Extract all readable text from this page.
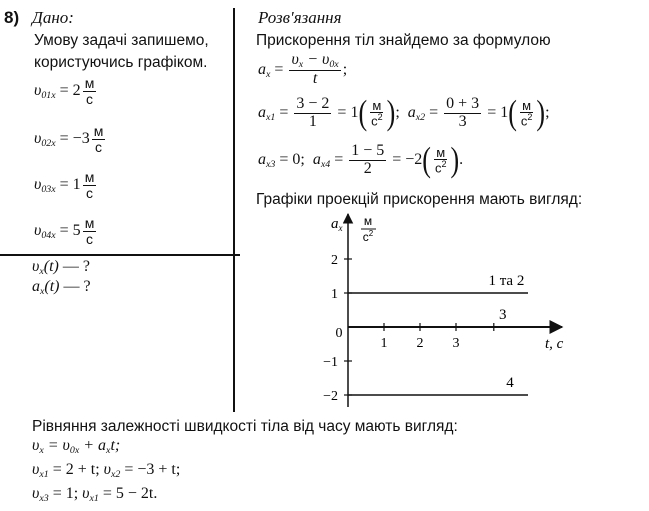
8) Дано:
Умову задачі запишемо,
користуючись графіком.
$\upsilon_{01x} = 2 \frac{м}{с}$
$\upsilon_{02x} = -3 \frac{м}{с}$
$\upsilon_{03x} = 1 \frac{м}{с}$
$\upsilon_{04x} = 5 \frac{м}{с}$
$\upsilon_x(t)$ — ?
$a_x(t)$ — ?
Розв'язання
Прискорення тіл знайдемо за формулою
$a_x = \frac{\upsilon_x - \upsilon_{0x}}{t}$ ;
$a_{x1} = \frac{3 - 2}{1} = 1( \frac{м}{с^2}$ ); $a_{x2} = \frac{0 + 3}{3} = 1( \frac{м}{с^2}$ );
$a_{x3} = 0$; $a_{x4} = \frac{1 - 5}{2} = -2( \frac{м}{с^2}$ ).
Графіки проекцій прискорення мають вигляд:
1 2 3
2
1
−1
−2
1 та 2
3
4
0
t, с
$a_x$ м
$с^2$
Рівняння залежності швидкості тіла від часу мають вигляд:
$\upsilon_x = \upsilon_{0x} + a_xt$;
$\upsilon_{x1} = 2 + t$; $\upsilon_{x2} = -3 + t$;
$\upsilon_{x3} = 1$; $\upsilon_{x1} = 5 - 2t$.
